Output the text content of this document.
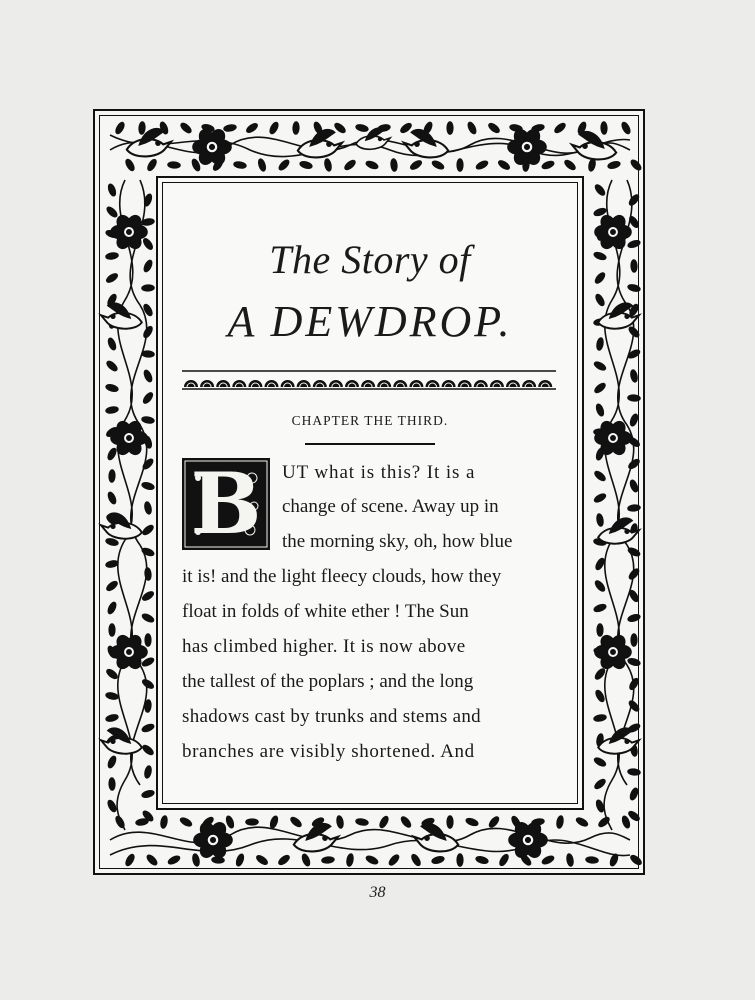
The Story of
A DEWDROP.
CHAPTER THE THIRD.
B	UT what is this? It is a
change of scene. Away up in
the morning sky, oh, how blue
it is! and the light fleecy clouds, how they
float in folds of white ether ! The Sun
has climbed higher. It is now above
the tallest of the poplars ; and the long
shadows cast by trunks and stems and
branches are visibly shortened. And
38
